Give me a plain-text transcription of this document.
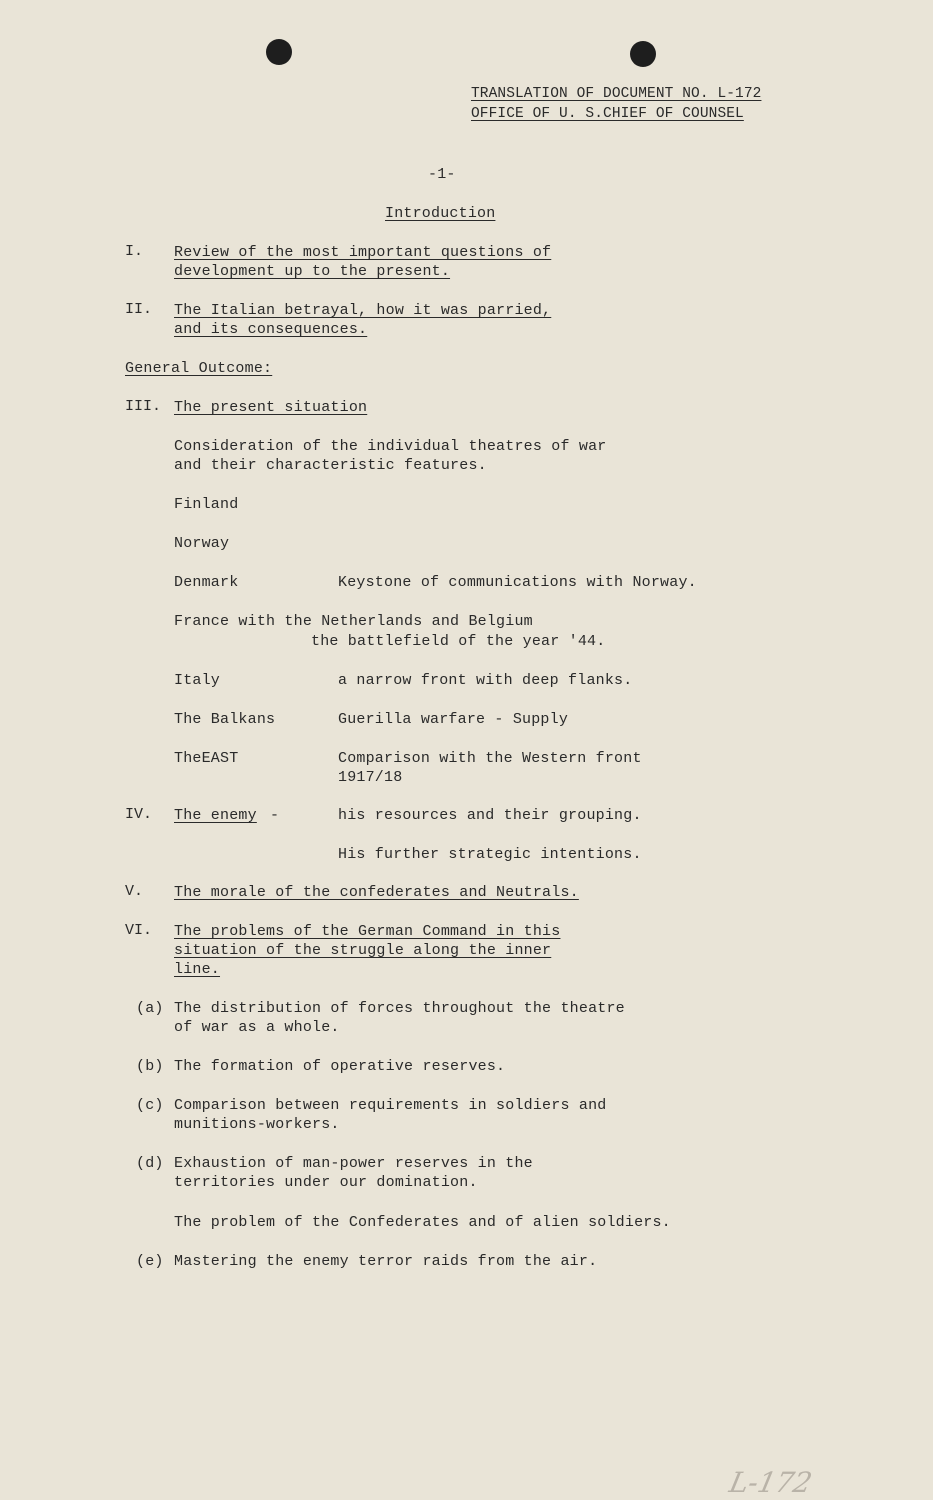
TRANSLATION OF DOCUMENT NO. L-172
OFFICE OF U. S.CHIEF OF COUNSEL
-1-
Introduction
I. Review of the most important questions of
development up to the present.
II. The Italian betrayal, how it was parried,
and its consequences.
General Outcome:
III. The present situation
Consideration of the individual theatres of war
and their characteristic features.
Finland
Norway
Denmark	Keystone of communications with Norway.
France with the Netherlands and Belgium
the battlefield of the year '44.
Italy	a narrow front with deep flanks.
The Balkans	Guerilla warfare - Supply
TheEAST	Comparison with the Western front
1917/18
IV. The enemy -	his resources and their grouping.
His further strategic intentions.
V. The morale of the confederates and Neutrals.
VI. The problems of the German Command in this
situation of the struggle along the inner
line.
(a) The distribution of forces throughout the theatre
of war as a whole.
(b) The formation of operative reserves.
(c) Comparison between requirements in soldiers and
munitions-workers.
(d) Exhaustion of man-power reserves in the
territories under our domination.
The problem of the Confederates and of alien soldiers.
(e) Mastering the enemy terror raids from the air.
L-172
